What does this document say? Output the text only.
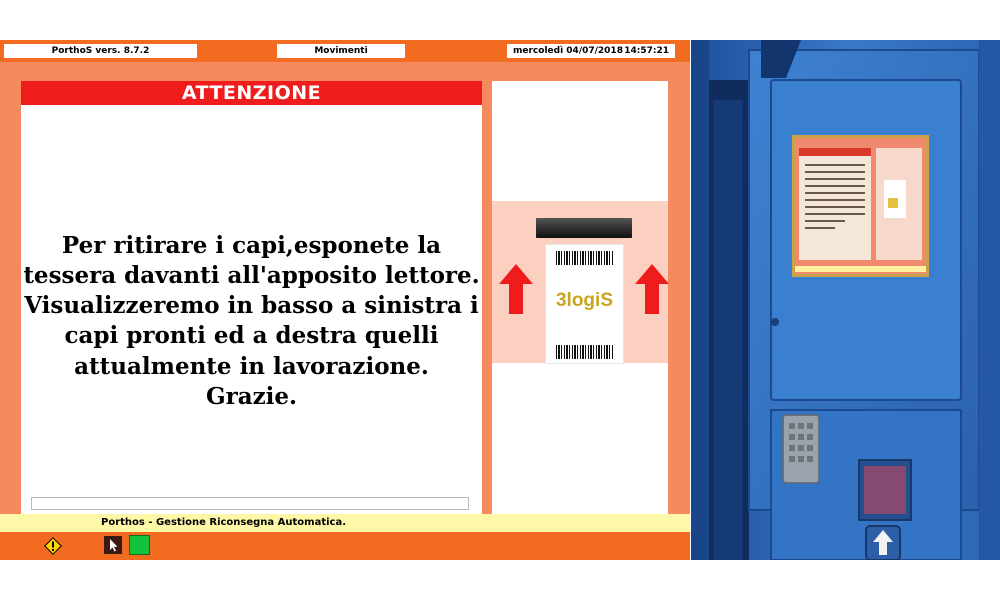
PorthoS vers. 8.7.2	Movimenti	mercoledì 04/07/2018 14:57:21
ATTENZIONE
Per ritirare i capi,esponete la
tessera davanti all'apposito lettore.
Visualizzeremo in basso a sinistra i
capi pronti ed a destra quelli
attualmente in lavorazione.
Grazie.
3logiS
Porthos - Gestione Riconsegna Automatica.
